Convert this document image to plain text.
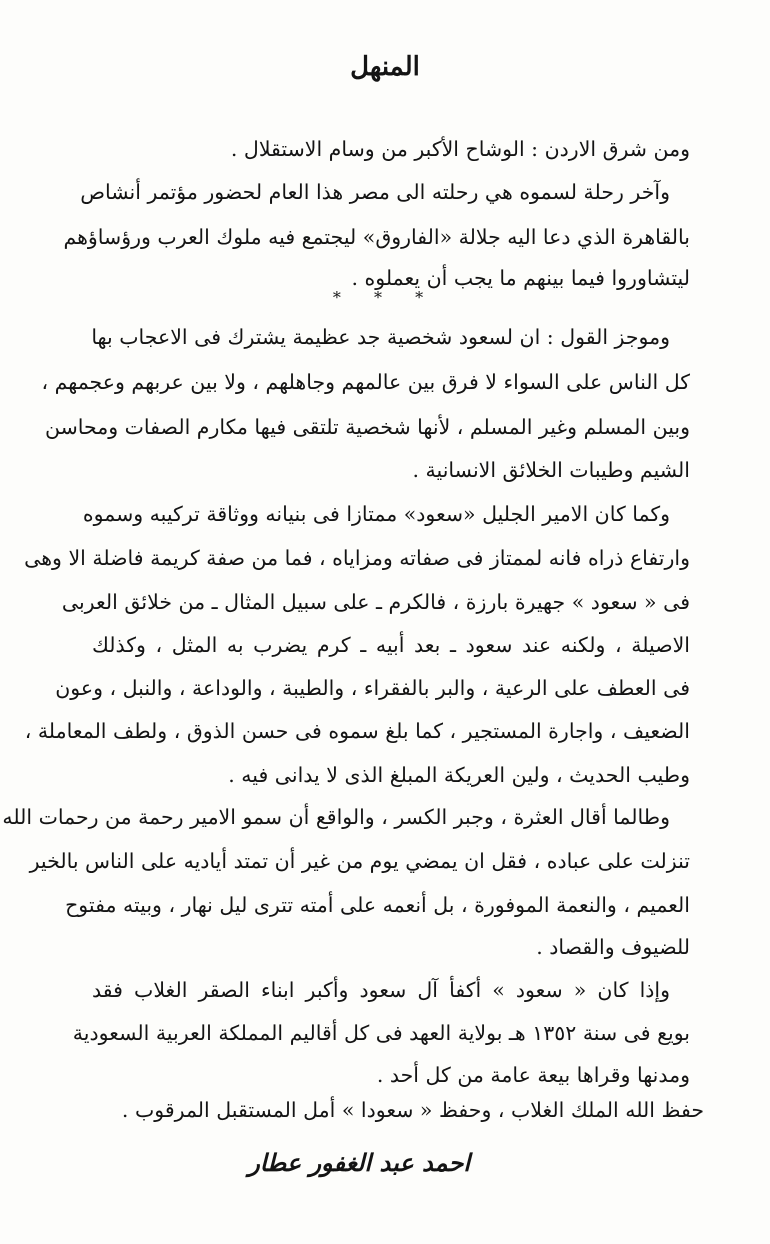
المنهل
ومن شرق الاردن : الوشاح الأكبر من وسام الاستقلال .
وآخر رحلة لسموه هي رحلته الى مصر هذا العام لحضور مؤتمر أنشاص
بالقاهرة الذي دعا اليه جلالة «الفاروق» ليجتمع فيه ملوك العرب ورؤساؤهم
ليتشاوروا فيما بينهم ما يجب أن يعملوه .
وموجز القول : ان لسعود شخصية جد عظيمة يشترك فى الاعجاب بها
كل الناس على السواء لا فرق بين عالمهم وجاهلهم ، ولا بين عربهم وعجمهم ،
وبين المسلم وغير المسلم ، لأنها شخصية تلتقى فيها مكارم الصفات ومحاسن
الشيم وطيبات الخلائق الانسانية .
وكما كان الامير الجليل «سعود» ممتازا فى بنيانه ووثاقة تركيبه وسموه
وارتفاع ذراه فانه لممتاز فى صفاته ومزاياه ، فما من صفة كريمة فاضلة الا وهى
فى « سعود » جهيرة بارزة ، فالكرم ـ على سبيل المثال ـ من خلائق العربى
الاصيلة ، ولكنه عند سعود ـ بعد أبيه ـ كرم يضرب به المثل ، وكذلك
فى العطف على الرعية ، والبر بالفقراء ، والطيبة ، والوداعة ، والنبل ، وعون
الضعيف ، واجارة المستجير ، كما بلغ سموه فى حسن الذوق ، ولطف المعاملة ،
وطيب الحديث ، ولين العريكة المبلغ الذى لا يدانى فيه .
وطالما أقال العثرة ، وجبر الكسر ، والواقع أن سمو الامير رحمة من رحمات الله
تنزلت على عباده ، فقل ان يمضي يوم من غير أن تمتد أياديه على الناس بالخير
العميم ، والنعمة الموفورة ، بل أنعمه على أمته تترى ليل نهار ، وبيته مفتوح
للضيوف والقصاد .
وإذا كان « سعود » أكفأ آل سعود وأكبر ابناء الصقر الغلاب فقد
بويع فى سنة ١٣٥٢ هـ بولاية العهد فى كل أقاليم المملكة العربية السعودية
ومدنها وقراها بيعة عامة من كل أحد .
* * *
حفظ الله الملك الغلاب ، وحفظ « سعودا » أمل المستقبل المرقوب .
احمد عبد الغفور عطار
